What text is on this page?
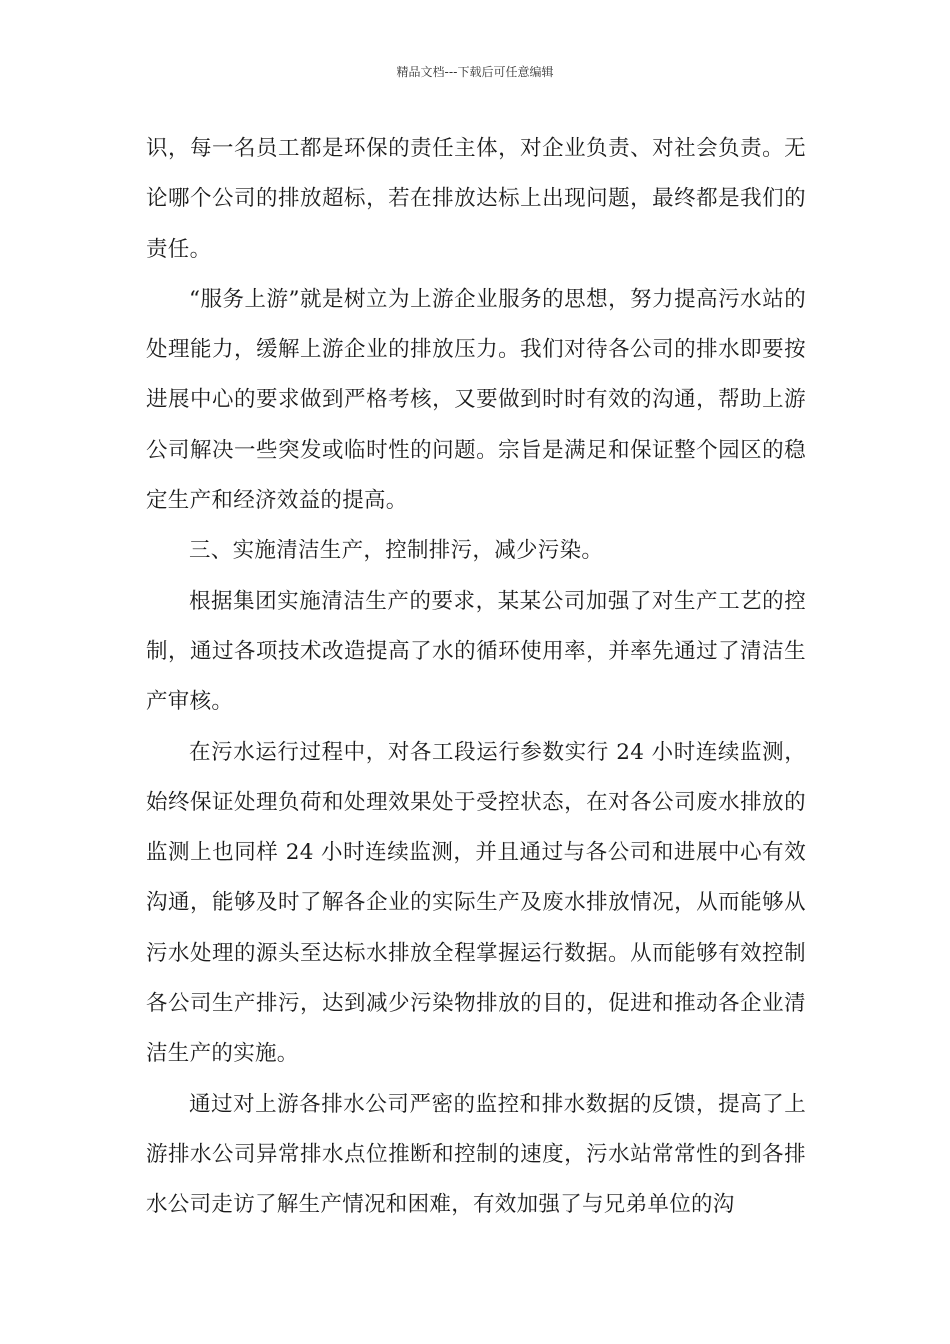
精品文档---下载后可任意编辑

识，每一名员工都是环保的责任主体，对企业负责、对社会负责。无论哪个公司的排放超标，若在排放达标上出现问题，最终都是我们的责任。

“服务上游”就是树立为上游企业服务的思想，努力提高污水站的处理能力，缓解上游企业的排放压力。我们对待各公司的排水即要按进展中心的要求做到严格考核，又要做到时时有效的沟通，帮助上游公司解决一些突发或临时性的问题。宗旨是满足和保证整个园区的稳定生产和经济效益的提高。

三、实施清洁生产，控制排污，减少污染。

根据集团实施清洁生产的要求，某某公司加强了对生产工艺的控制，通过各项技术改造提高了水的循环使用率，并率先通过了清洁生产审核。

在污水运行过程中，对各工段运行参数实行 24 小时连续监测，始终保证处理负荷和处理效果处于受控状态，在对各公司废水排放的监测上也同样 24 小时连续监测，并且通过与各公司和进展中心有效沟通，能够及时了解各企业的实际生产及废水排放情况，从而能够从污水处理的源头至达标水排放全程掌握运行数据。从而能够有效控制各公司生产排污，达到减少污染物排放的目的，促进和推动各企业清洁生产的实施。

通过对上游各排水公司严密的监控和排水数据的反馈，提高了上游排水公司异常排水点位推断和控制的速度，污水站常常性的到各排水公司走访了解生产情况和困难，有效加强了与兄弟单位的沟
